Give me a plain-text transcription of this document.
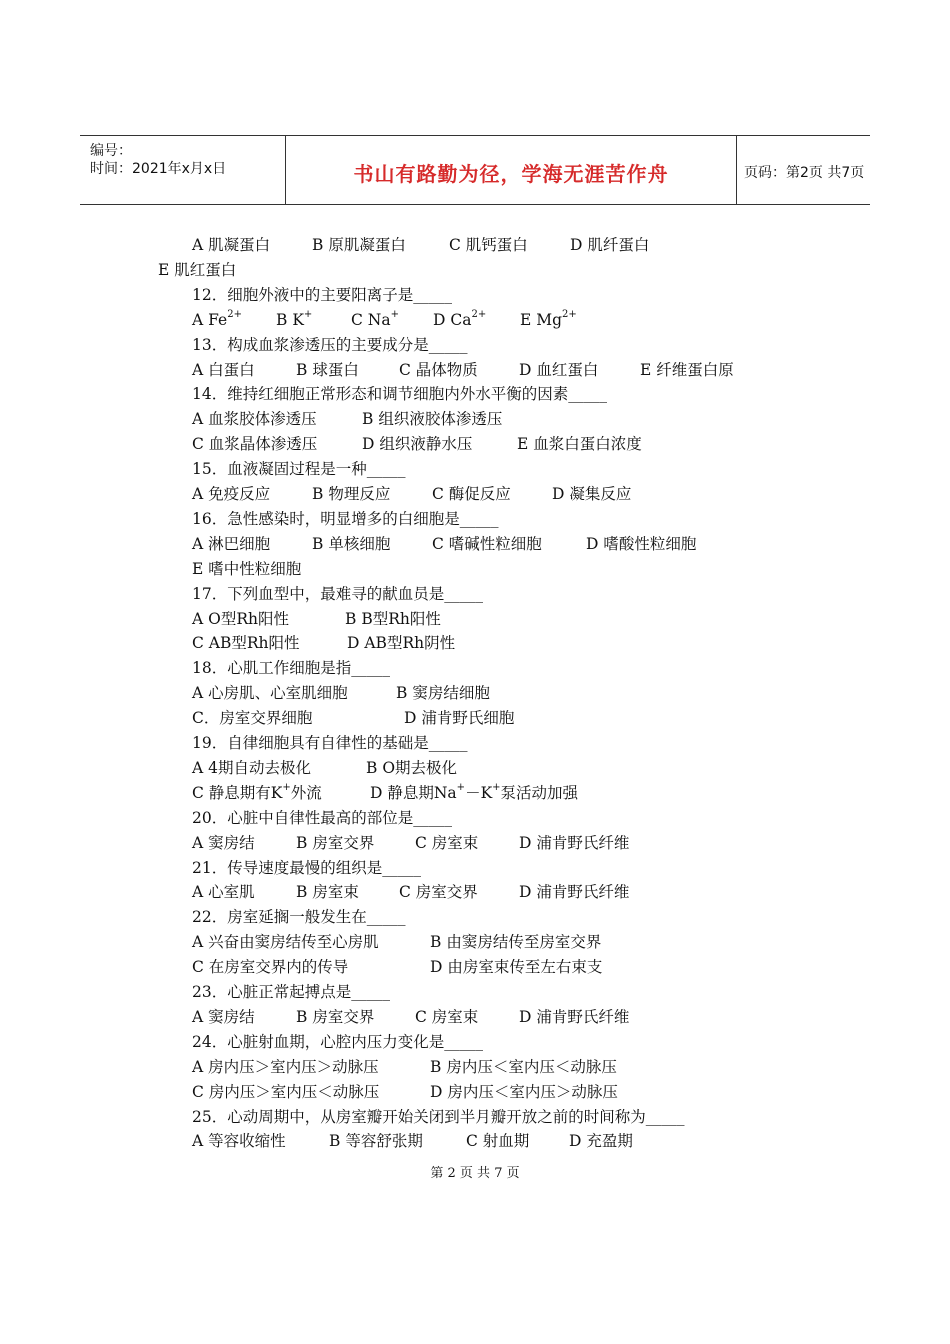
编号：
时间：2021年x月x日	书山有路勤为径，学海无涯苦作舟	页码：第2页 共7页
A 肌凝蛋白	B 原肌凝蛋白	C 肌钙蛋白	D 肌纤蛋白
E 肌红蛋白
12．细胞外液中的主要阳离子是_____
A $Fe^{2+}$ B K+ C Na+ D $Ca^{2+}$ E $Mg^{2+}$
13．构成血浆渗透压的主要成分是_____
A 白蛋白	B 球蛋白	C 晶体物质	D 血红蛋白	E 纤维蛋白原
14．维持红细胞正常形态和调节细胞内外水平衡的因素_____
A 血浆胶体渗透压	B 组织液胶体渗透压
C 血浆晶体渗透压	D 组织液静水压	E 血浆白蛋白浓度
15．血液凝固过程是一种_____
A 免疫反应	B 物理反应	C 酶促反应	D 凝集反应
16．急性感染时，明显增多的白细胞是_____
A 淋巴细胞	B 单核细胞	C 嗜碱性粒细胞	D 嗜酸性粒细胞
E 嗜中性粒细胞
17．下列血型中，最难寻的献血员是_____
A O型Rh阳性	B B型Rh阳性
C AB型Rh阳性	D AB型Rh阴性
18．心肌工作细胞是指_____
A 心房肌、心室肌细胞	B 窦房结细胞
C．房室交界细胞	D 浦肯野氏细胞
19．自律细胞具有自律性的基础是_____
A 4期自动去极化	B O期去极化
C 静息期有K+外流	D 静息期Na+－K+泵活动加强
20．心脏中自律性最高的部位是_____
A 窦房结	B 房室交界	C 房室束	D 浦肯野氏纤维
21．传导速度最慢的组织是_____
A 心室肌	B 房室束	C 房室交界	D 浦肯野氏纤维
22．房室延搁一般发生在_____
A 兴奋由窦房结传至心房肌	B 由窦房结传至房室交界
C 在房室交界内的传导	D 由房室束传至左右束支
23．心脏正常起搏点是_____
A 窦房结	B 房室交界	C 房室束	D 浦肯野氏纤维
24．心脏射血期，心腔内压力变化是_____
A 房内压＞室内压＞动脉压	B 房内压＜室内压＜动脉压
C 房内压＞室内压＜动脉压	D 房内压＜室内压＞动脉压
25．心动周期中，从房室瓣开始关闭到半月瓣开放之前的时间称为_____
A 等容收缩性	B 等容舒张期	C 射血期	D 充盈期
第 2 页 共 7 页
